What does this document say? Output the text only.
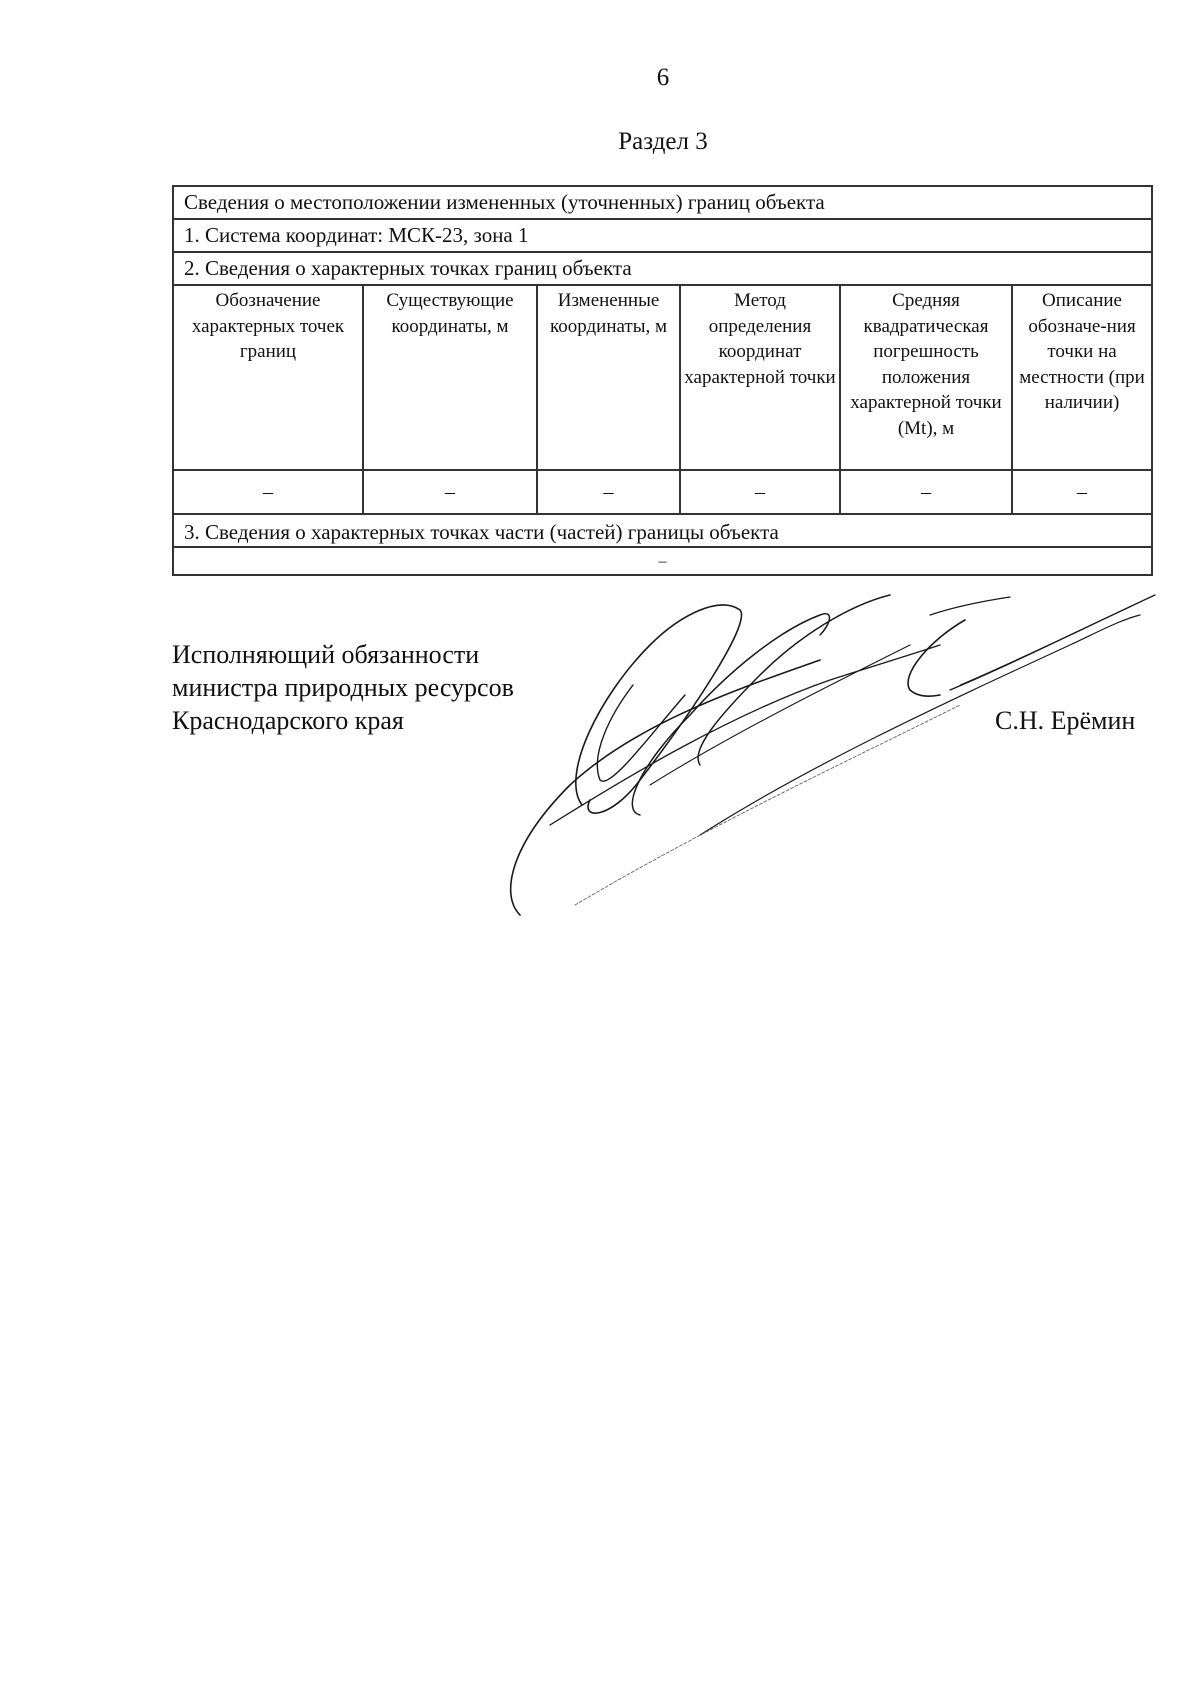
6
Раздел 3
Сведения о местоположении измененных (уточненных) границ объекта					
1. Система координат: МСК-23, зона 1					
2. Сведения о характерных точках границ объекта					
Обозначение характерных точек границ	Существующие координаты, м	Измененные координаты, м	Метод определения координат характерной точки	Средняя квадратическая погрешность положения характерной точки (Mt), м	Описание обозначе-ния точки на местности (при наличии)
–	–	–	–	–	–
3. Сведения о характерных точках части (частей) границы объекта					
–					
Исполняющий обязанности
министра природных ресурсов
Краснодарского края	С.Н. Ерёмин
